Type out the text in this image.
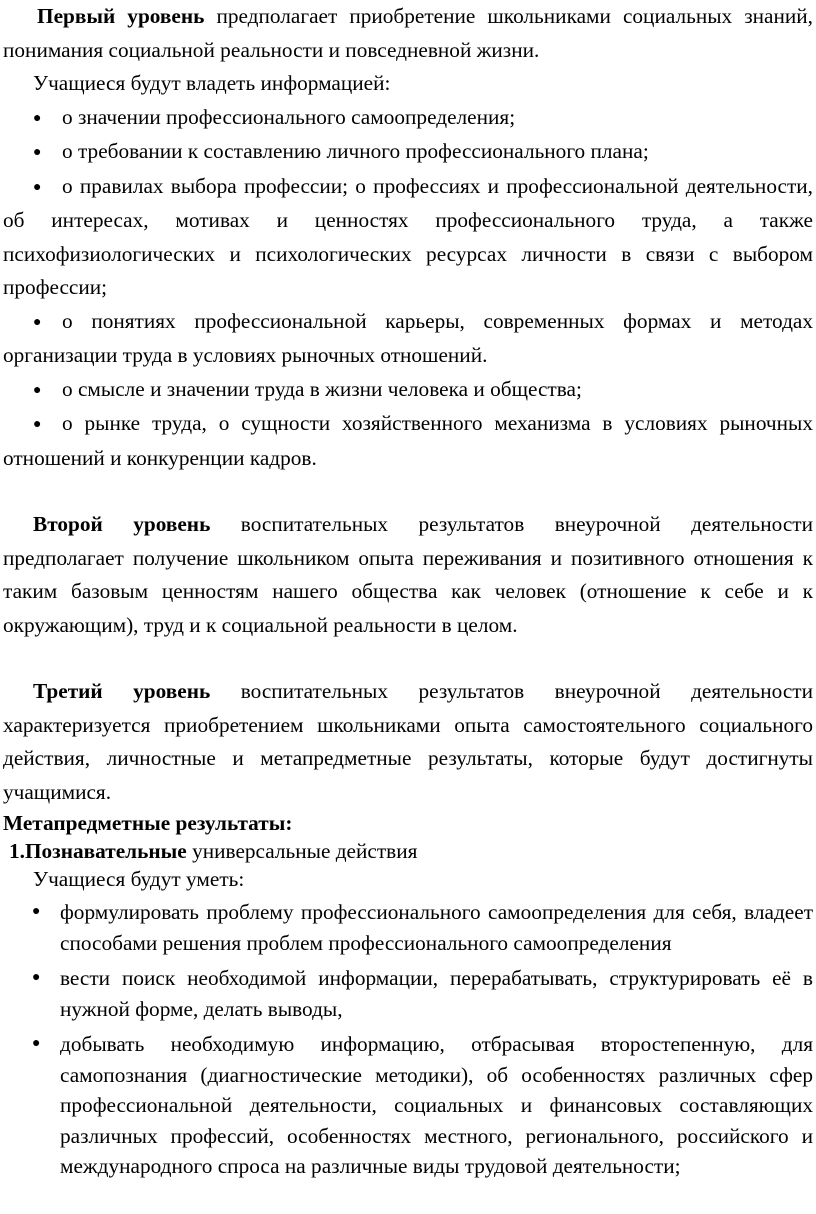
Первый уровень предполагает приобретение школьниками социальных знаний, понимания социальной реальности и повседневной жизни.

Учащиеся будут владеть информацией:

● о значении профессионального самоопределения;
● о требовании к составлению личного профессионального плана;
● о правилах выбора профессии; о профессиях и профессиональной деятельности, об интересах, мотивах и ценностях профессионального труда, а также психофизиологических и психологических ресурсах личности в связи с выбором профессии;
● о понятиях профессиональной карьеры, современных формах и методах организации труда в условиях рыночных отношений.
● о смысле и значении труда в жизни человека и общества;
● о рынке труда, о сущности хозяйственного механизма в условиях рыночных отношений и конкуренции кадров.

Второй уровень воспитательных результатов внеурочной деятельности предполагает получение школьником опыта переживания и позитивного отношения к таким базовым ценностям нашего общества как человек (отношение к себе и к окружающим), труд и к социальной реальности в целом.

Третий уровень воспитательных результатов внеурочной деятельности характеризуется приобретением школьниками опыта самостоятельного социального действия, личностные и метапредметные результаты, которые будут достигнуты учащимися.

Метапредметные результаты:

1.Познавательные универсальные действия

Учащиеся будут уметь:

● формулировать проблему профессионального самоопределения для себя, владеет способами решения проблем профессионального самоопределения
● вести поиск необходимой информации, перерабатывать, структурировать её в нужной форме, делать выводы,
● добывать необходимую информацию, отбрасывая второстепенную, для самопознания (диагностические методики), об особенностях различных сфер профессиональной деятельности, социальных и финансовых составляющих различных профессий, особенностях местного, регионального, российского и международного спроса на различные виды трудовой деятельности;
